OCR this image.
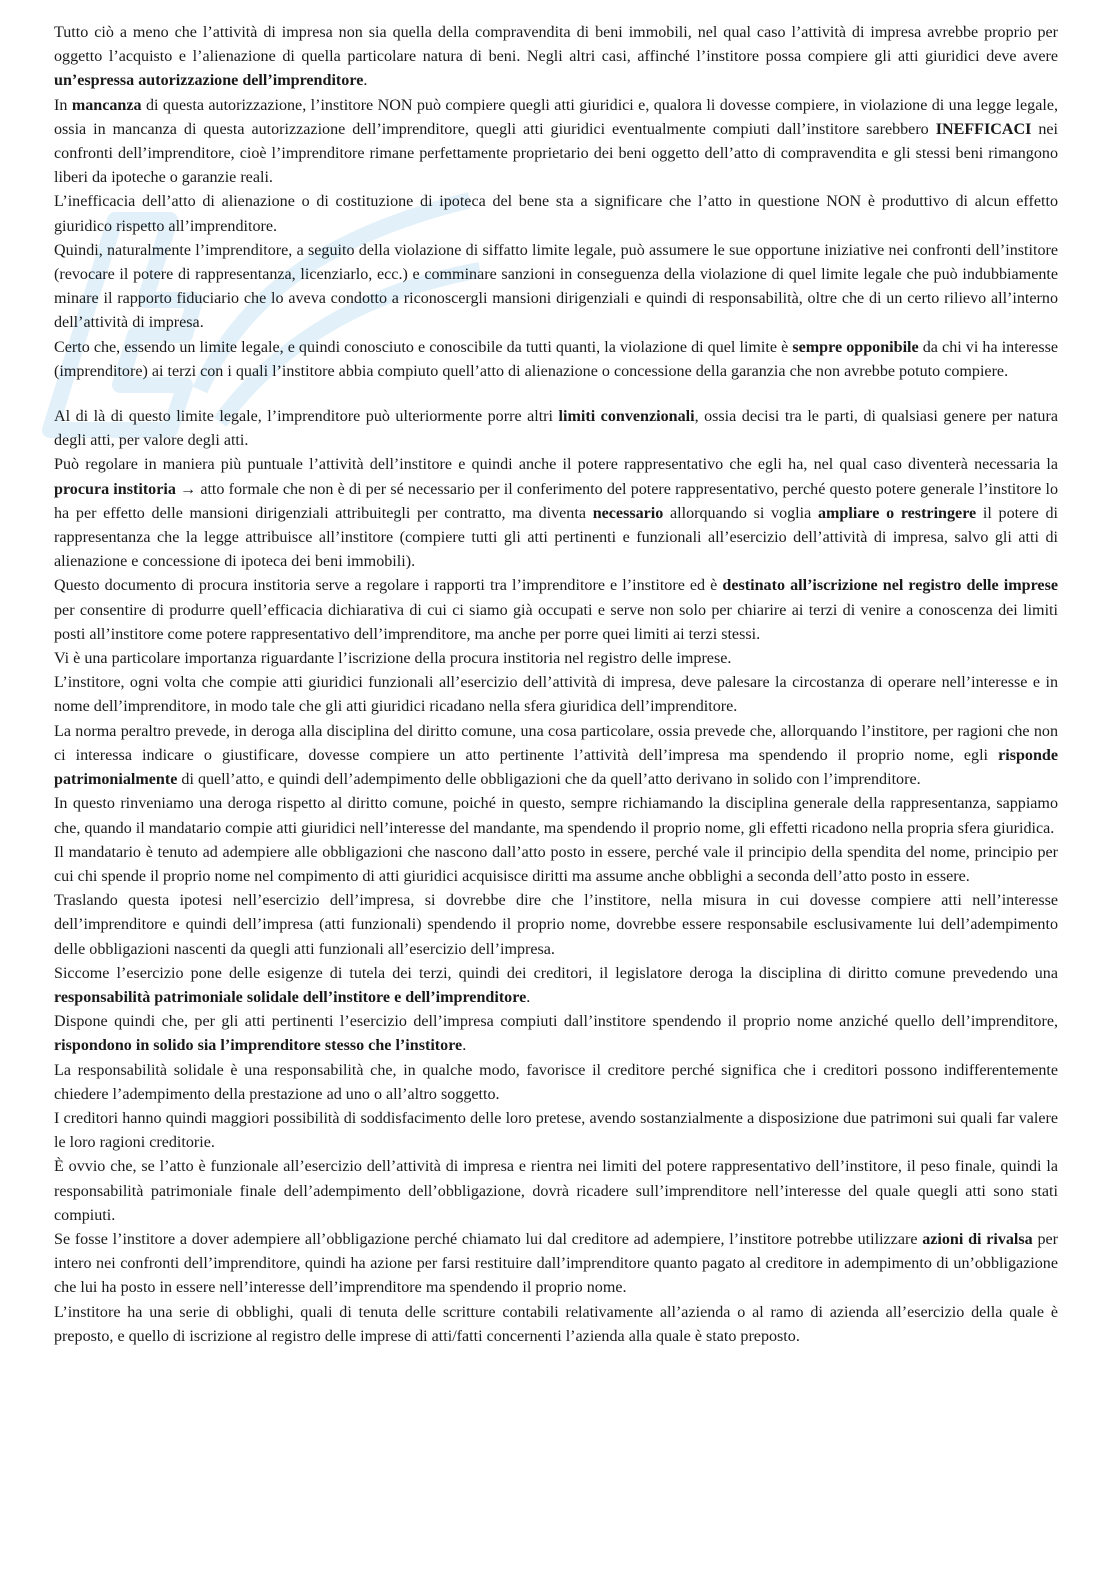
Tutto ciò a meno che l’attività di impresa non sia quella della compravendita di beni immobili, nel qual caso l’attività di impresa avrebbe proprio per oggetto l’acquisto e l’alienazione di quella particolare natura di beni. Negli altri casi, affinché l’institore possa compiere gli atti giuridici deve avere un’espressa autorizzazione dell’imprenditore.

In mancanza di questa autorizzazione, l’institore NON può compiere quegli atti giuridici e, qualora li dovesse compiere, in violazione di una legge legale, ossia in mancanza di questa autorizzazione dell’imprenditore, quegli atti giuridici eventualmente compiuti dall’institore sarebbero INEFFICACI nei confronti dell’imprenditore, cioè l’imprenditore rimane perfettamente proprietario dei beni oggetto dell’atto di compravendita e gli stessi beni rimangono liberi da ipoteche o garanzie reali.

L’inefficacia dell’atto di alienazione o di costituzione di ipoteca del bene sta a significare che l’atto in questione NON è produttivo di alcun effetto giuridico rispetto all’imprenditore.

Quindi, naturalmente l’imprenditore, a seguito della violazione di siffatto limite legale, può assumere le sue opportune iniziative nei confronti dell’institore (revocare il potere di rappresentanza, licenziarlo, ecc.) e comminare sanzioni in conseguenza della violazione di quel limite legale che può indubbiamente minare il rapporto fiduciario che lo aveva condotto a riconoscergli mansioni dirigenziali e quindi di responsabilità, oltre che di un certo rilievo all’interno dell’attività di impresa.

Certo che, essendo un limite legale, e quindi conosciuto e conoscibile da tutti quanti, la violazione di quel limite è sempre opponibile da chi vi ha interesse (imprenditore) ai terzi con i quali l’institore abbia compiuto quell’atto di alienazione o concessione della garanzia che non avrebbe potuto compiere.

Al di là di questo limite legale, l’imprenditore può ulteriormente porre altri limiti convenzionali, ossia decisi tra le parti, di qualsiasi genere per natura degli atti, per valore degli atti.

Può regolare in maniera più puntuale l’attività dell’institore e quindi anche il potere rappresentativo che egli ha, nel qual caso diventerà necessaria la procura institoria → atto formale che non è di per sé necessario per il conferimento del potere rappresentativo, perché questo potere generale l’institore lo ha per effetto delle mansioni dirigenziali attribuitegli per contratto, ma diventa necessario allorquando si voglia ampliare o restringere il potere di rappresentanza che la legge attribuisce all’institore (compiere tutti gli atti pertinenti e funzionali all’esercizio dell’attività di impresa, salvo gli atti di alienazione e concessione di ipoteca dei beni immobili).

Questo documento di procura institoria serve a regolare i rapporti tra l’imprenditore e l’institore ed è destinato all’iscrizione nel registro delle imprese per consentire di produrre quell’efficacia dichiarativa di cui ci siamo già occupati e serve non solo per chiarire ai terzi di venire a conoscenza dei limiti posti all’institore come potere rappresentativo dell’imprenditore, ma anche per porre quei limiti ai terzi stessi.

Vi è una particolare importanza riguardante l’iscrizione della procura institoria nel registro delle imprese.

L’institore, ogni volta che compie atti giuridici funzionali all’esercizio dell’attività di impresa, deve palesare la circostanza di operare nell’interesse e in nome dell’imprenditore, in modo tale che gli atti giuridici ricadano nella sfera giuridica dell’imprenditore.

La norma peraltro prevede, in deroga alla disciplina del diritto comune, una cosa particolare, ossia prevede che, allorquando l’institore, per ragioni che non ci interessa indicare o giustificare, dovesse compiere un atto pertinente l’attività dell’impresa ma spendendo il proprio nome, egli risponde patrimonialmente di quell’atto, e quindi dell’adempimento delle obbligazioni che da quell’atto derivano in solido con l’imprenditore.

In questo rinveniamo una deroga rispetto al diritto comune, poiché in questo, sempre richiamando la disciplina generale della rappresentanza, sappiamo che, quando il mandatario compie atti giuridici nell’interesse del mandante, ma spendendo il proprio nome, gli effetti ricadono nella propria sfera giuridica.

Il mandatario è tenuto ad adempiere alle obbligazioni che nascono dall’atto posto in essere, perché vale il principio della spendita del nome, principio per cui chi spende il proprio nome nel compimento di atti giuridici acquisisce diritti ma assume anche obblighi a seconda dell’atto posto in essere.

Traslando questa ipotesi nell’esercizio dell’impresa, si dovrebbe dire che l’institore, nella misura in cui dovesse compiere atti nell’interesse dell’imprenditore e quindi dell’impresa (atti funzionali) spendendo il proprio nome, dovrebbe essere responsabile esclusivamente lui dell’adempimento delle obbligazioni nascenti da quegli atti funzionali all’esercizio dell’impresa.

Siccome l’esercizio pone delle esigenze di tutela dei terzi, quindi dei creditori, il legislatore deroga la disciplina di diritto comune prevedendo una responsabilità patrimoniale solidale dell’institore e dell’imprenditore.

Dispone quindi che, per gli atti pertinenti l’esercizio dell’impresa compiuti dall’institore spendendo il proprio nome anziché quello dell’imprenditore, rispondono in solido sia l’imprenditore stesso che l’institore.

La responsabilità solidale è una responsabilità che, in qualche modo, favorisce il creditore perché significa che i creditori possono indifferentemente chiedere l’adempimento della prestazione ad uno o all’altro soggetto.

I creditori hanno quindi maggiori possibilità di soddisfacimento delle loro pretese, avendo sostanzialmente a disposizione due patrimoni sui quali far valere le loro ragioni creditorie.

È ovvio che, se l’atto è funzionale all’esercizio dell’attività di impresa e rientra nei limiti del potere rappresentativo dell’institore, il peso finale, quindi la responsabilità patrimoniale finale dell’adempimento dell’obbligazione, dovrà ricadere sull’imprenditore nell’interesse del quale quegli atti sono stati compiuti.

Se fosse l’institore a dover adempiere all’obbligazione perché chiamato lui dal creditore ad adempiere, l’institore potrebbe utilizzare azioni di rivalsa per intero nei confronti dell’imprenditore, quindi ha azione per farsi restituire dall’imprenditore quanto pagato al creditore in adempimento di un’obbligazione che lui ha posto in essere nell’interesse dell’imprenditore ma spendendo il proprio nome.

L’institore ha una serie di obblighi, quali di tenuta delle scritture contabili relativamente all’azienda o al ramo di azienda all’esercizio della quale è preposto, e quello di iscrizione al registro delle imprese di atti/fatti concernenti l’azienda alla quale è stato preposto.
